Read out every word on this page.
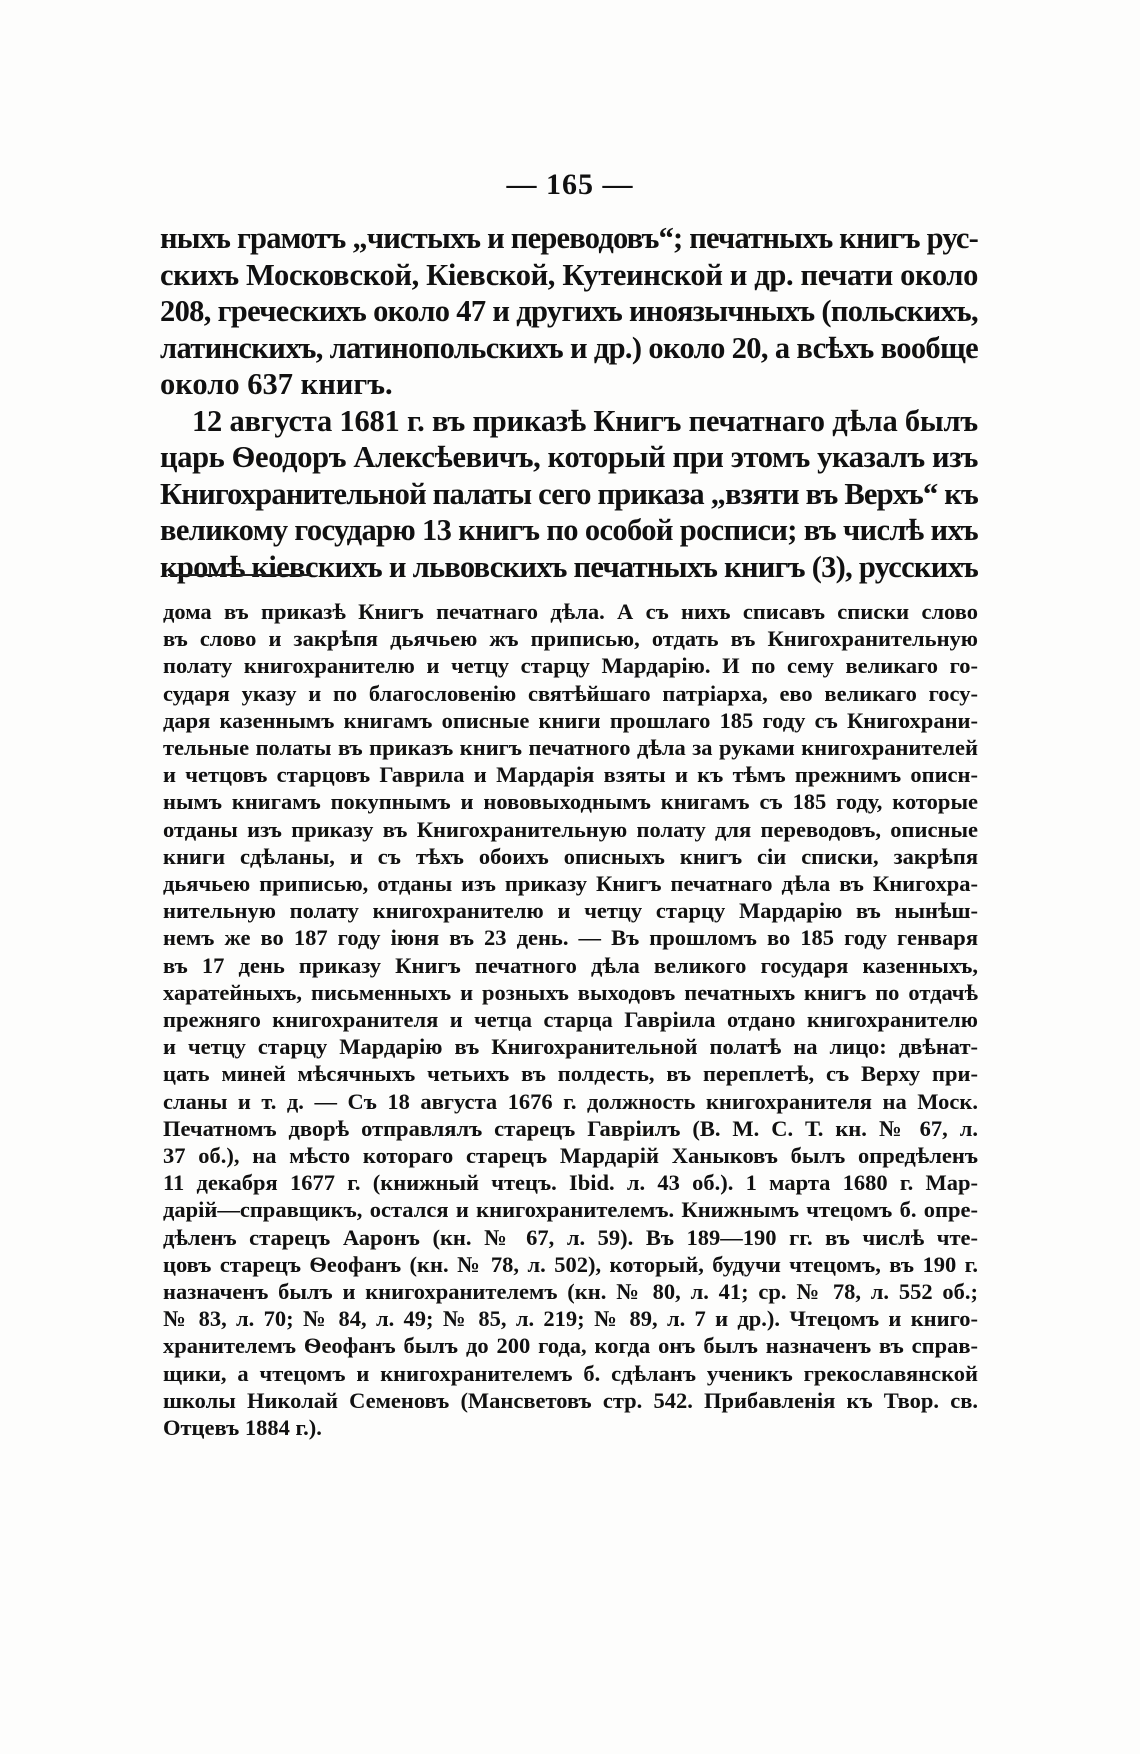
— 165 —
ныхъ грамотъ „чистыхъ и переводовъ“; печатныхъ книгъ рус-
скихъ Московской, Кіевской, Кутеинской и др. печати около
208, греческихъ около 47 и другихъ иноязычныхъ (польскихъ,
латинскихъ, латинопольскихъ и др.) около 20, а всѣхъ вообще
около 637 книгъ.
12 августа 1681 г. въ приказѣ Книгъ печатнаго дѣла былъ
царь Ѳеодоръ Алексѣевичъ, который при этомъ указалъ изъ
Книгохранительной палаты сего приказа „взяти въ Верхъ“ къ
великому государю 13 книгъ по особой росписи; въ числѣ ихъ
кромѣ кіевскихъ и львовскихъ печатныхъ книгъ (3), русскихъ
дома въ приказѣ Книгъ печатнаго дѣла. А съ нихъ списавъ списки слово
въ слово и закрѣпя дьячьею жъ приписью, отдать въ Книгохранительную
полату книгохранителю и четцу старцу Мардарію. И по сему великаго го-
сударя указу и по благословенію святѣйшаго патріарха, ево великаго госу-
даря казеннымъ книгамъ описные книги прошлаго 185 году съ Книгохрани-
тельные полаты въ приказъ книгъ печатного дѣла за руками книгохранителей
и четцовъ старцовъ Гаврила и Мардарія взяты и къ тѣмъ прежнимъ описн-
нымъ книгамъ покупнымъ и нововыходнымъ книгамъ съ 185 году, которые
отданы изъ приказу въ Книгохранительную полату для переводовъ, описные
книги сдѣланы, и съ тѣхъ обоихъ описныхъ книгъ сіи списки, закрѣпя
дьячьею приписью, отданы изъ приказу Книгъ печатнаго дѣла въ Книгохра-
нительную полату книгохранителю и четцу старцу Мардарію въ нынѣш-
немъ же во 187 году іюня въ 23 день. — Въ прошломъ во 185 году генваря
въ 17 день приказу Книгъ печатного дѣла великого государя казенныхъ,
харатейныхъ, письменныхъ и розныхъ выходовъ печатныхъ книгъ по отдачѣ
прежняго книгохранителя и четца старца Гавріила отдано книгохранителю
и четцу старцу Мардарію въ Книгохранительной полатѣ на лицо: двѣнат-
цать миней мѣсячныхъ четьихъ въ полдесть, въ переплетѣ, съ Верху при-
сланы и т. д. — Съ 18 августа 1676 г. должность книгохранителя на Моск.
Печатномъ дворѣ отправлялъ старецъ Гавріилъ (В. М. С. Т. кн. № 67, л.
37 об.), на мѣсто котораго старецъ Мардарій Ханыковъ былъ опредѣленъ
11 декабря 1677 г. (книжный чтецъ. Ibid. л. 43 об.). 1 марта 1680 г. Мар-
дарій—справщикъ, остался и книгохранителемъ. Книжнымъ чтецомъ б. опре-
дѣленъ старецъ Ааронъ (кн. № 67, л. 59). Въ 189—190 гг. въ числѣ чте-
цовъ старецъ Ѳеофанъ (кн. № 78, л. 502), который, будучи чтецомъ, въ 190 г.
назначенъ былъ и книгохранителемъ (кн. № 80, л. 41; ср. № 78, л. 552 об.;
№ 83, л. 70; № 84, л. 49; № 85, л. 219; № 89, л. 7 и др.). Чтецомъ и книго-
хранителемъ Ѳеофанъ былъ до 200 года, когда онъ былъ назначенъ въ справ-
щики, а чтецомъ и книгохранителемъ б. сдѣланъ ученикъ грекославянской
школы Николай Семеновъ (Мансветовъ стр. 542. Прибавленія къ Твор. св.
Отцевъ 1884 г.).
